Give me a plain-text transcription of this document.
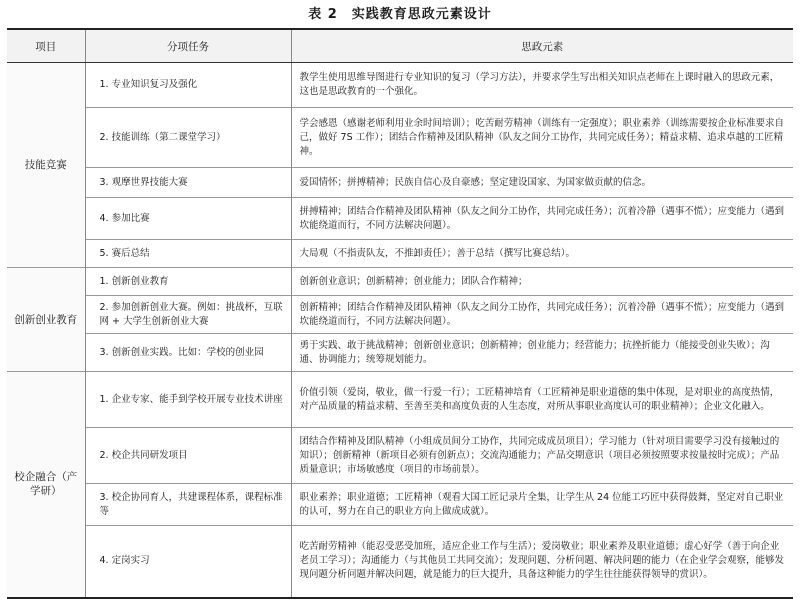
表 2　实践教育思政元素设计
项目	分项任务	思政元素
技能竞赛	1. 专业知识复习及强化	教学生使用思维导图进行专业知识的复习（学习方法），并要求学生写出相关知识点老师在上课时融入的思政元素，这也是思政教育的一个强化。
	2. 技能训练（第二课堂学习）	学会感恩（感谢老师利用业余时间培训）；吃苦耐劳精神（训练有一定强度）；职业素养（训练需要按企业标准要求自己，做好 7S 工作）；团结合作精神及团队精神（队友之间分工协作，共同完成任务）；精益求精、追求卓越的工匠精神。
	3. 观摩世界技能大赛	爱国情怀；拼搏精神；民族自信心及自豪感；坚定建设国家、为国家做贡献的信念。
	4. 参加比赛	拼搏精神；团结合作精神及团队精神（队友之间分工协作，共同完成任务）；沉着冷静（遇事不慌）；应变能力（遇到坎能绕道而行，不同方法解决问题）。
	5. 赛后总结	大局观（不指责队友，不推卸责任）；善于总结（撰写比赛总结）。
创新创业教育	1. 创新创业教育	创新创业意识；创新精神；创业能力；团队合作精神；
	2. 参加创新创业大赛。例如：挑战杯，互联网 + 大学生创新创业大赛	创新精神；团结合作精神及团队精神（队友之间分工协作，共同完成任务）；沉着冷静（遇事不慌）；应变能力（遇到坎能绕道而行，不同方法解决问题）。
	3. 创新创业实践。比如：学校的创业园	勇于实践、敢于挑战精神；创新创业意识；创新精神；创业能力；经营能力；抗挫折能力（能接受创业失败）；沟通、协调能力；统筹规划能力。
校企融合（产学研）	1. 企业专家、能手到学校开展专业技术讲座	价值引领（爱岗，敬业，做一行爱一行）；工匠精神培育（工匠精神是职业道德的集中体现，是对职业的高度热情，对产品质量的精益求精、至善至美和高度负责的人生态度，对所从事职业高度认可的职业精神）；企业文化融入。
	2. 校企共同研发项目	团结合作精神及团队精神（小组成员间分工协作，共同完成成员项目）；学习能力（针对项目需要学习没有接触过的知识）；创新精神（新项目必须有创新点）；交流沟通能力；产品交期意识（项目必须按照要求按量按时完成）；产品质量意识；市场敏感度（项目的市场前景）。
	3. 校企协同育人，共建课程体系，课程标准等	职业素养；职业道德；工匠精神（观看大国工匠记录片全集，让学生从 24 位能工巧匠中获得鼓舞，坚定对自己职业的认可，努力在自己的职业方向上做成成就）。
	4. 定岗实习	吃苦耐劳精神（能忍受恶受加班，适应企业工作与生活）；爱岗敬业；职业素养及职业道德；虚心好学（善于向企业老员工学习）；沟通能力（与其他员工共同交流）；发现问题、分析问题、解决问题的能力（在企业学会观察，能够发现问题分析问题并解决问题，就是能力的巨大提升，具备这种能力的学生往往能获得领导的赏识）。
